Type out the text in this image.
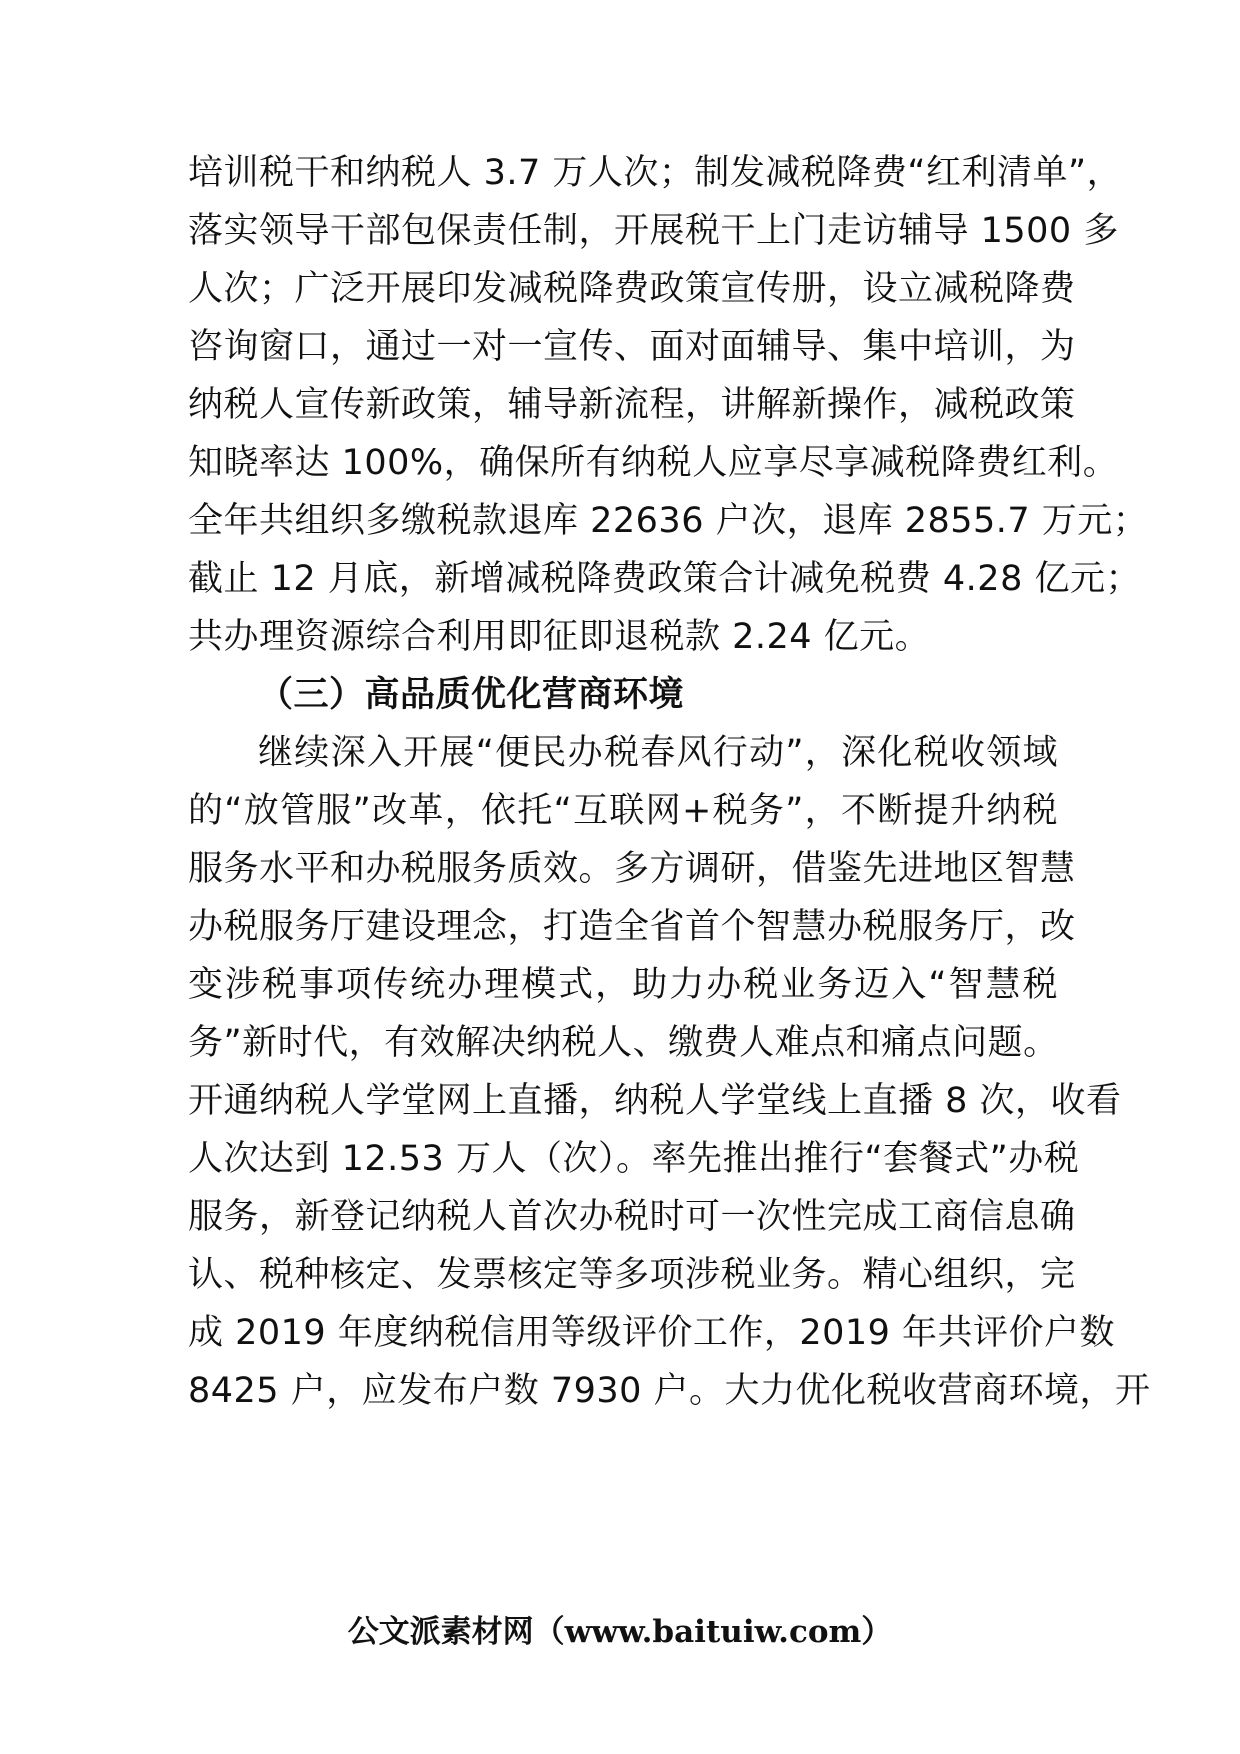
培训税干和纳税人 3.7 万人次；制发减税降费“红利清单”，
落实领导干部包保责任制，开展税干上门走访辅导 1500 多
人次；广泛开展印发减税降费政策宣传册，设立减税降费
咨询窗口，通过一对一宣传、面对面辅导、集中培训，为
纳税人宣传新政策，辅导新流程，讲解新操作，减税政策
知晓率达 100%，确保所有纳税人应享尽享减税降费红利。
全年共组织多缴税款退库 22636 户次，退库 2855.7 万元；
截止 12 月底，新增减税降费政策合计减免税费 4.28 亿元；
共办理资源综合利用即征即退税款 2.24 亿元。
（三）高品质优化营商环境
继续深入开展“便民办税春风行动”，深化税收领域
的“放管服”改革，依托“互联网+税务”，不断提升纳税
服务水平和办税服务质效。多方调研，借鉴先进地区智慧
办税服务厅建设理念，打造全省首个智慧办税服务厅，改
变涉税事项传统办理模式，助力办税业务迈入“智慧税
务”新时代，有效解决纳税人、缴费人难点和痛点问题。
开通纳税人学堂网上直播，纳税人学堂线上直播 8 次，收看
人次达到 12.53 万人（次）。率先推出推行“套餐式”办税
服务，新登记纳税人首次办税时可一次性完成工商信息确
认、税种核定、发票核定等多项涉税业务。精心组织，完
成 2019 年度纳税信用等级评价工作，2019 年共评价户数
8425 户，应发布户数 7930 户。大力优化税收营商环境，开
公文派素材网（www.baituiw.com）
